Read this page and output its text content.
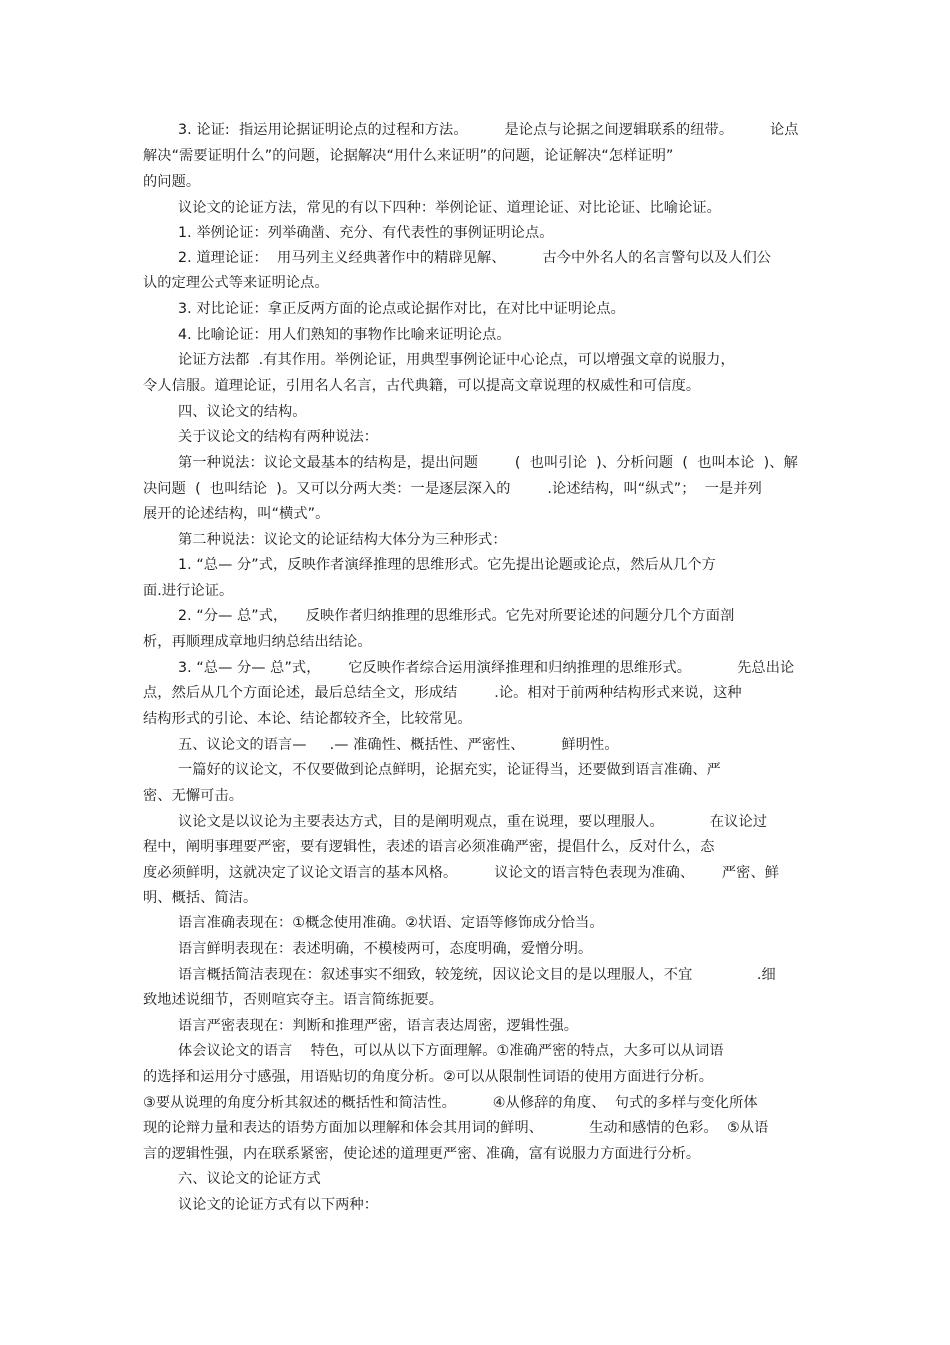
3. 论证:  指运用论据证明论点的过程和方法。        是论点与论据之间逻辑联系的纽带。        论点
解决“需要证明什么”的问题，论据解决“用什么来证明”的问题，论证解决“怎样证明”
的问题。
议论文的论证方法，常见的有以下四种：举例论证、道理论证、对比论证、比喻论证。
1. 举例论证：列举确凿、充分、有代表性的事例证明论点。
2. 道理论证：  用马列主义经典著作中的精辟见解、        古今中外名人的名言警句以及人们公
认的定理公式等来证明论点。
3. 对比论证：拿正反两方面的论点或论据作对比，在对比中证明论点。
4. 比喻论证：用人们熟知的事物作比喻来证明论点。
论证方法都  .有其作用。举例论证，用典型事例论证中心论点，可以增强文章的说服力，
令人信服。道理论证，引用名人名言，古代典籍，可以提高文章说理的权威性和可信度。
四、议论文的结构。
关于议论文的结构有两种说法：
第一种说法：议论文最基本的结构是，提出问题        (  也叫引论  )、分析问题  (  也叫本论  )、解
决问题  (  也叫结论  )。又可以分两大类：一是逐层深入的        .论述结构，叫“纵式”；  一是并列
展开的论述结构，叫“横式”。
第二种说法：议论文的论证结构大体分为三种形式：
1. “总— 分”式，反映作者演绎推理的思维形式。它先提出论题或论点，然后从几个方
面.进行论证。
2. “分— 总”式，    反映作者归纳推理的思维形式。它先对所要论述的问题分几个方面剖
析，再顺理成章地归纳总结出结论。
3. “总— 分— 总”式，      它反映作者综合运用演绎推理和归纳推理的思维形式。          先总出论
点，然后从几个方面论述，最后总结全文，形成结        .论。相对于前两种结构形式来说，这种
结构形式的引论、本论、结论都较齐全，比较常见。
五、议论文的语言—     .— 准确性、概括性、严密性、        鲜明性。
一篇好的议论文，不仅要做到论点鲜明，论据充实，论证得当，还要做到语言准确、严
密、无懈可击。
议论文是以议论为主要表达方式，目的是阐明观点，重在说理，要以理服人。          在议论过
程中，阐明事理要严密，要有逻辑性，表述的语言必须准确严密，提倡什么，反对什么，态
度必须鲜明，这就决定了议论文语言的基本风格。        议论文的语言特色表现为准确、      严密、鲜
明、概括、简洁。
语言准确表现在：①概念使用准确。②状语、定语等修饰成分恰当。
语言鲜明表现在：表述明确，不模棱两可，态度明确，爱憎分明。
语言概括简洁表现在：叙述事实不细致，较笼统，因议论文目的是以理服人，不宜              .细
致地述说细节，否则喧宾夺主。语言简练扼要。
语言严密表现在：判断和推理严密，语言表达周密，逻辑性强。
体会议论文的语言    特色，可以从以下方面理解。①准确严密的特点，大多可以从词语
的选择和运用分寸感强，用语贴切的角度分析。②可以从限制性词语的使用方面进行分析。
③要从说理的角度分析其叙述的概括性和简洁性。        ④从修辞的角度、  句式的多样与变化所体
现的论辩力量和表达的语势方面加以理解和体会其用词的鲜明、          生动和感情的色彩。  ⑤从语
言的逻辑性强，内在联系紧密，使论述的道理更严密、准确，富有说服力方面进行分析。
六、议论文的论证方式
议论文的论证方式有以下两种：
